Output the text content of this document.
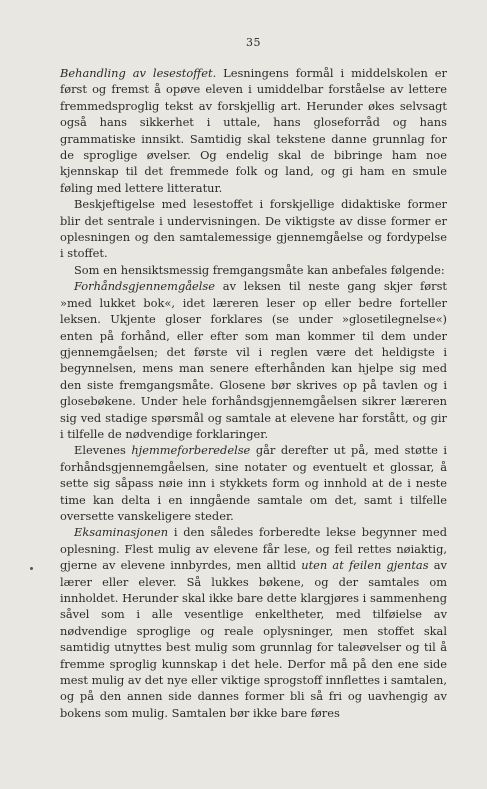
35

Behandling av lesestoffet. Lesningens formål i middelskolen er først og fremst å opøve eleven i umiddelbar forståelse av lettere fremmedsproglig tekst av forskjellig art. Herunder økes selvsagt også hans sikkerhet i uttale, hans gloseforråd og hans grammatiske innsikt. Samtidig skal tekstene danne grunnlag for de sproglige øvelser. Og endelig skal de bibringe ham noe kjennskap til det fremmede folk og land, og gi ham en smule føling med lettere litteratur.

Beskjeftigelse med lesestoffet i forskjellige didaktiske former blir det sentrale i undervisningen. De viktigste av disse former er oplesningen og den samtalemessige gjennemgåelse og fordypelse i stoffet.

Som en hensiktsmessig fremgangsmåte kan anbefales følgende:

Forhåndsgjennemgåelse av leksen til neste gang skjer først »med lukket bok«, idet læreren leser op eller bedre forteller leksen. Ukjente gloser forklares (se under »glosetilegnelse«) enten på forhånd, eller efter som man kommer til dem under gjennemgåelsen; det første vil i reglen være det heldigste i begynnelsen, mens man senere efterhånden kan hjelpe sig med den siste fremgangsmåte. Glosene bør skrives op på tavlen og i glosebøkene. Under hele forhåndsgjennemgåelsen sikrer læreren sig ved stadige spørsmål og samtale at elevene har forstått, og gir i tilfelle de nødvendige forklaringer.

Elevenes hjemmeforberedelse går derefter ut på, med støtte i forhåndsgjennemgåelsen, sine notater og eventuelt et glossar, å sette sig såpass nøie inn i stykkets form og innhold at de i neste time kan delta i en inngående samtale om det, samt i tilfelle oversette vanskeligere steder.

Eksaminasjonen i den således forberedte lekse begynner med oplesning. Flest mulig av elevene får lese, og feil rettes nøiaktig, gjerne av elevene innbyrdes, men alltid uten at feilen gjentas av lærer eller elever. Så lukkes bøkene, og der samtales om innholdet. Herunder skal ikke bare dette klargjøres i sammenheng såvel som i alle vesentlige enkeltheter, med tilføielse av nødvendige sproglige og reale oplysninger, men stoffet skal samtidig utnyttes best mulig som grunnlag for taleøvelser og til å fremme sproglig kunnskap i det hele. Derfor må på den ene side mest mulig av det nye eller viktige sprogstoff innflettes i samtalen, og på den annen side dannes former bli så fri og uavhengig av bokens som mulig. Samtalen bør ikke bare føres
